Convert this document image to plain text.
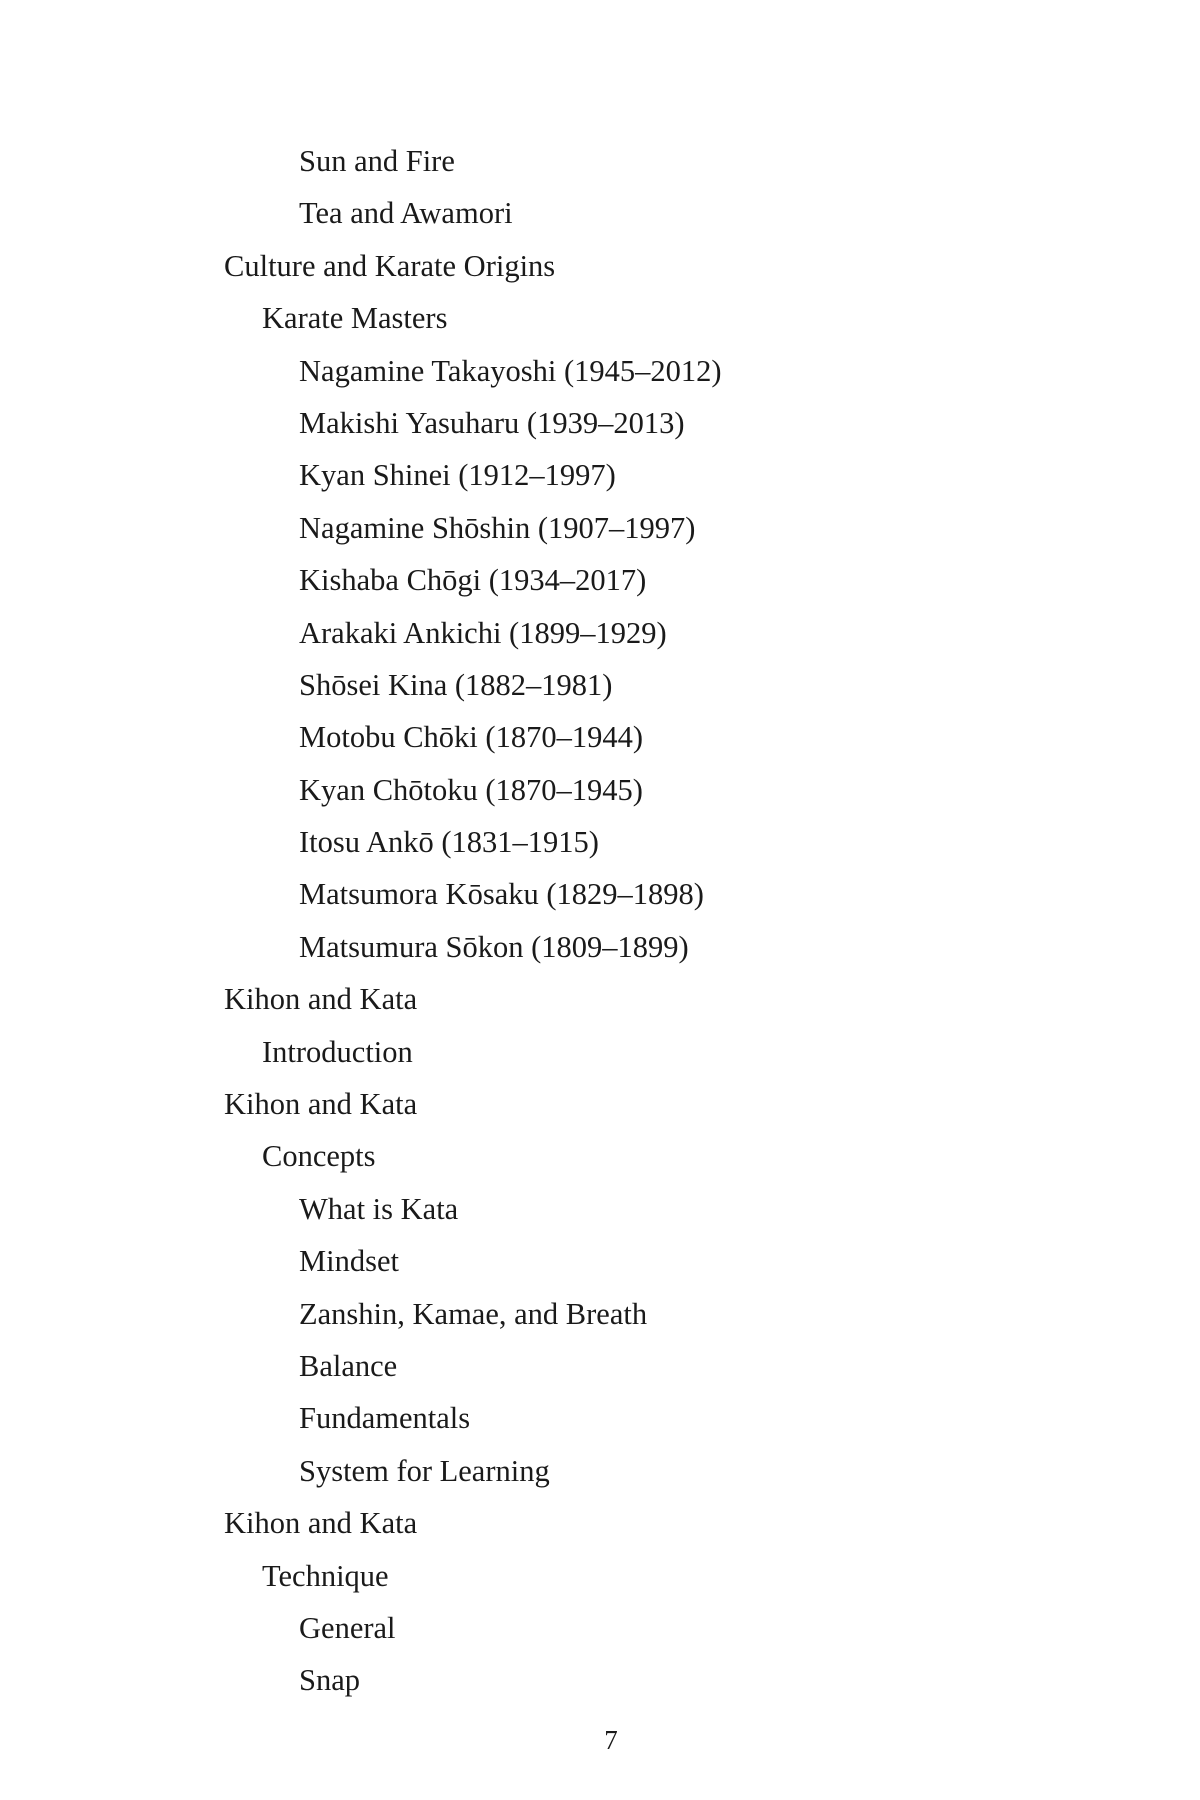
Sun and Fire
Tea and Awamori
Culture and Karate Origins
Karate Masters
Nagamine Takayoshi (1945–2012)
Makishi Yasuharu (1939–2013)
Kyan Shinei (1912–1997)
Nagamine Shōshin (1907–1997)
Kishaba Chōgi (1934–2017)
Arakaki Ankichi (1899–1929)
Shōsei Kina (1882–1981)
Motobu Chōki (1870–1944)
Kyan Chōtoku (1870–1945)
Itosu Ankō (1831–1915)
Matsumora Kōsaku (1829–1898)
Matsumura Sōkon (1809–1899)
Kihon and Kata
Introduction
Kihon and Kata
Concepts
What is Kata
Mindset
Zanshin, Kamae, and Breath
Balance
Fundamentals
System for Learning
Kihon and Kata
Technique
General
Snap
7
